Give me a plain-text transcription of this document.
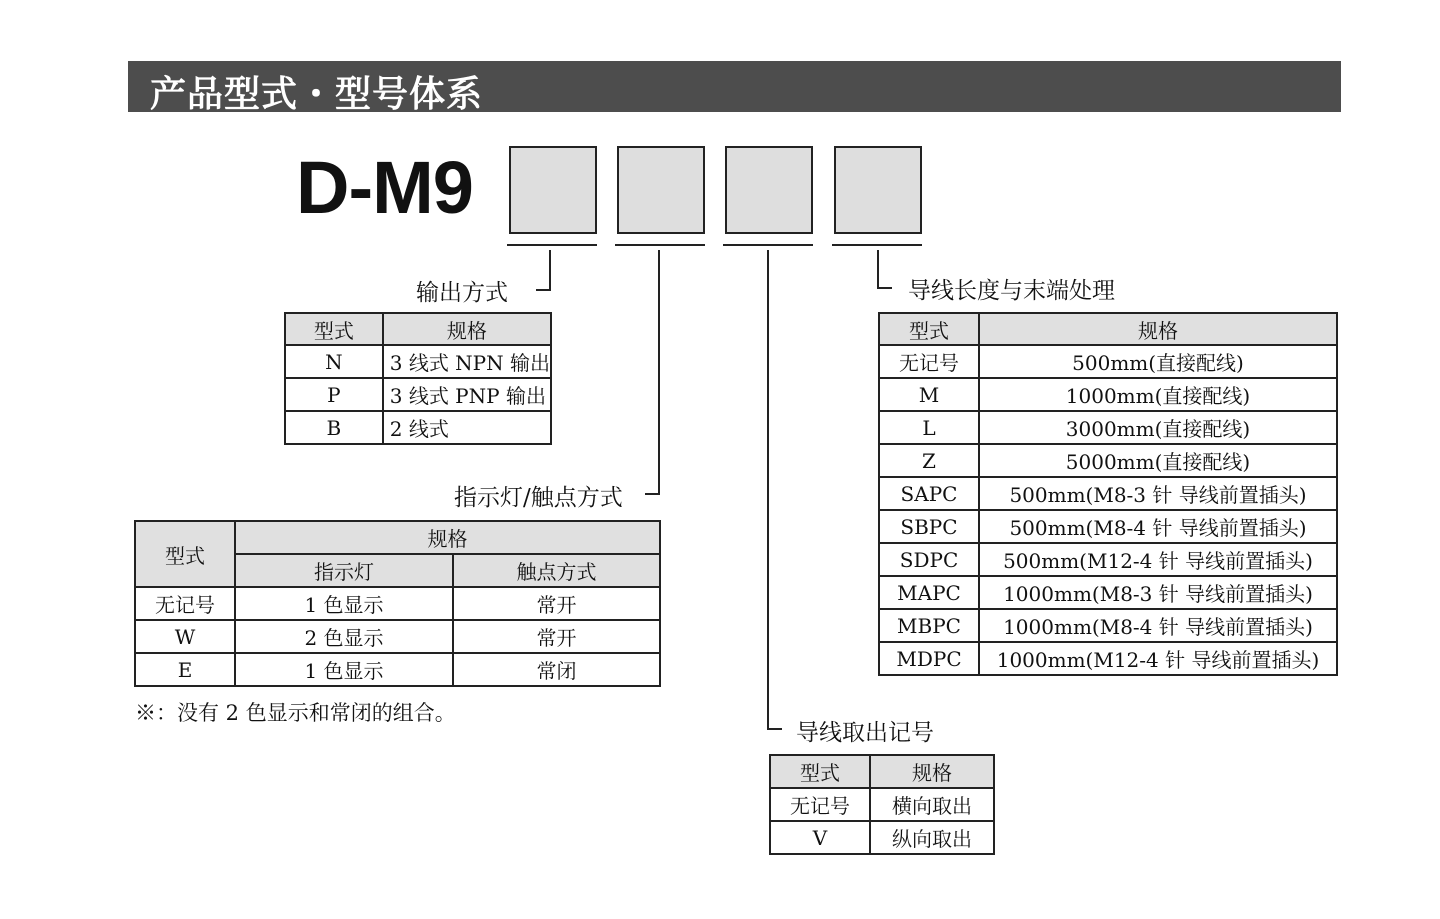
产品型式・型号体系
D-M9
输出方式
型式	规格
N	3 线式 NPN 输出
P	3 线式 PNP 输出
B	2 线式
指示灯/触点方式
型式	规格	
	指示灯	触点方式
无记号	1 色显示	常开
W	2 色显示	常开
E	1 色显示	常闭
※：没有 2 色显示和常闭的组合。
导线取出记号
型式	规格
无记号	横向取出
V	纵向取出
导线长度与末端处理
型式	规格
无记号	500mm(直接配线)
M	1000mm(直接配线)
L	3000mm(直接配线)
Z	5000mm(直接配线)
SAPC	500mm(M8-3 针 导线前置插头)
SBPC	500mm(M8-4 针 导线前置插头)
SDPC	500mm(M12-4 针 导线前置插头)
MAPC	1000mm(M8-3 针 导线前置插头)
MBPC	1000mm(M8-4 针 导线前置插头)
MDPC	1000mm(M12-4 针 导线前置插头)
